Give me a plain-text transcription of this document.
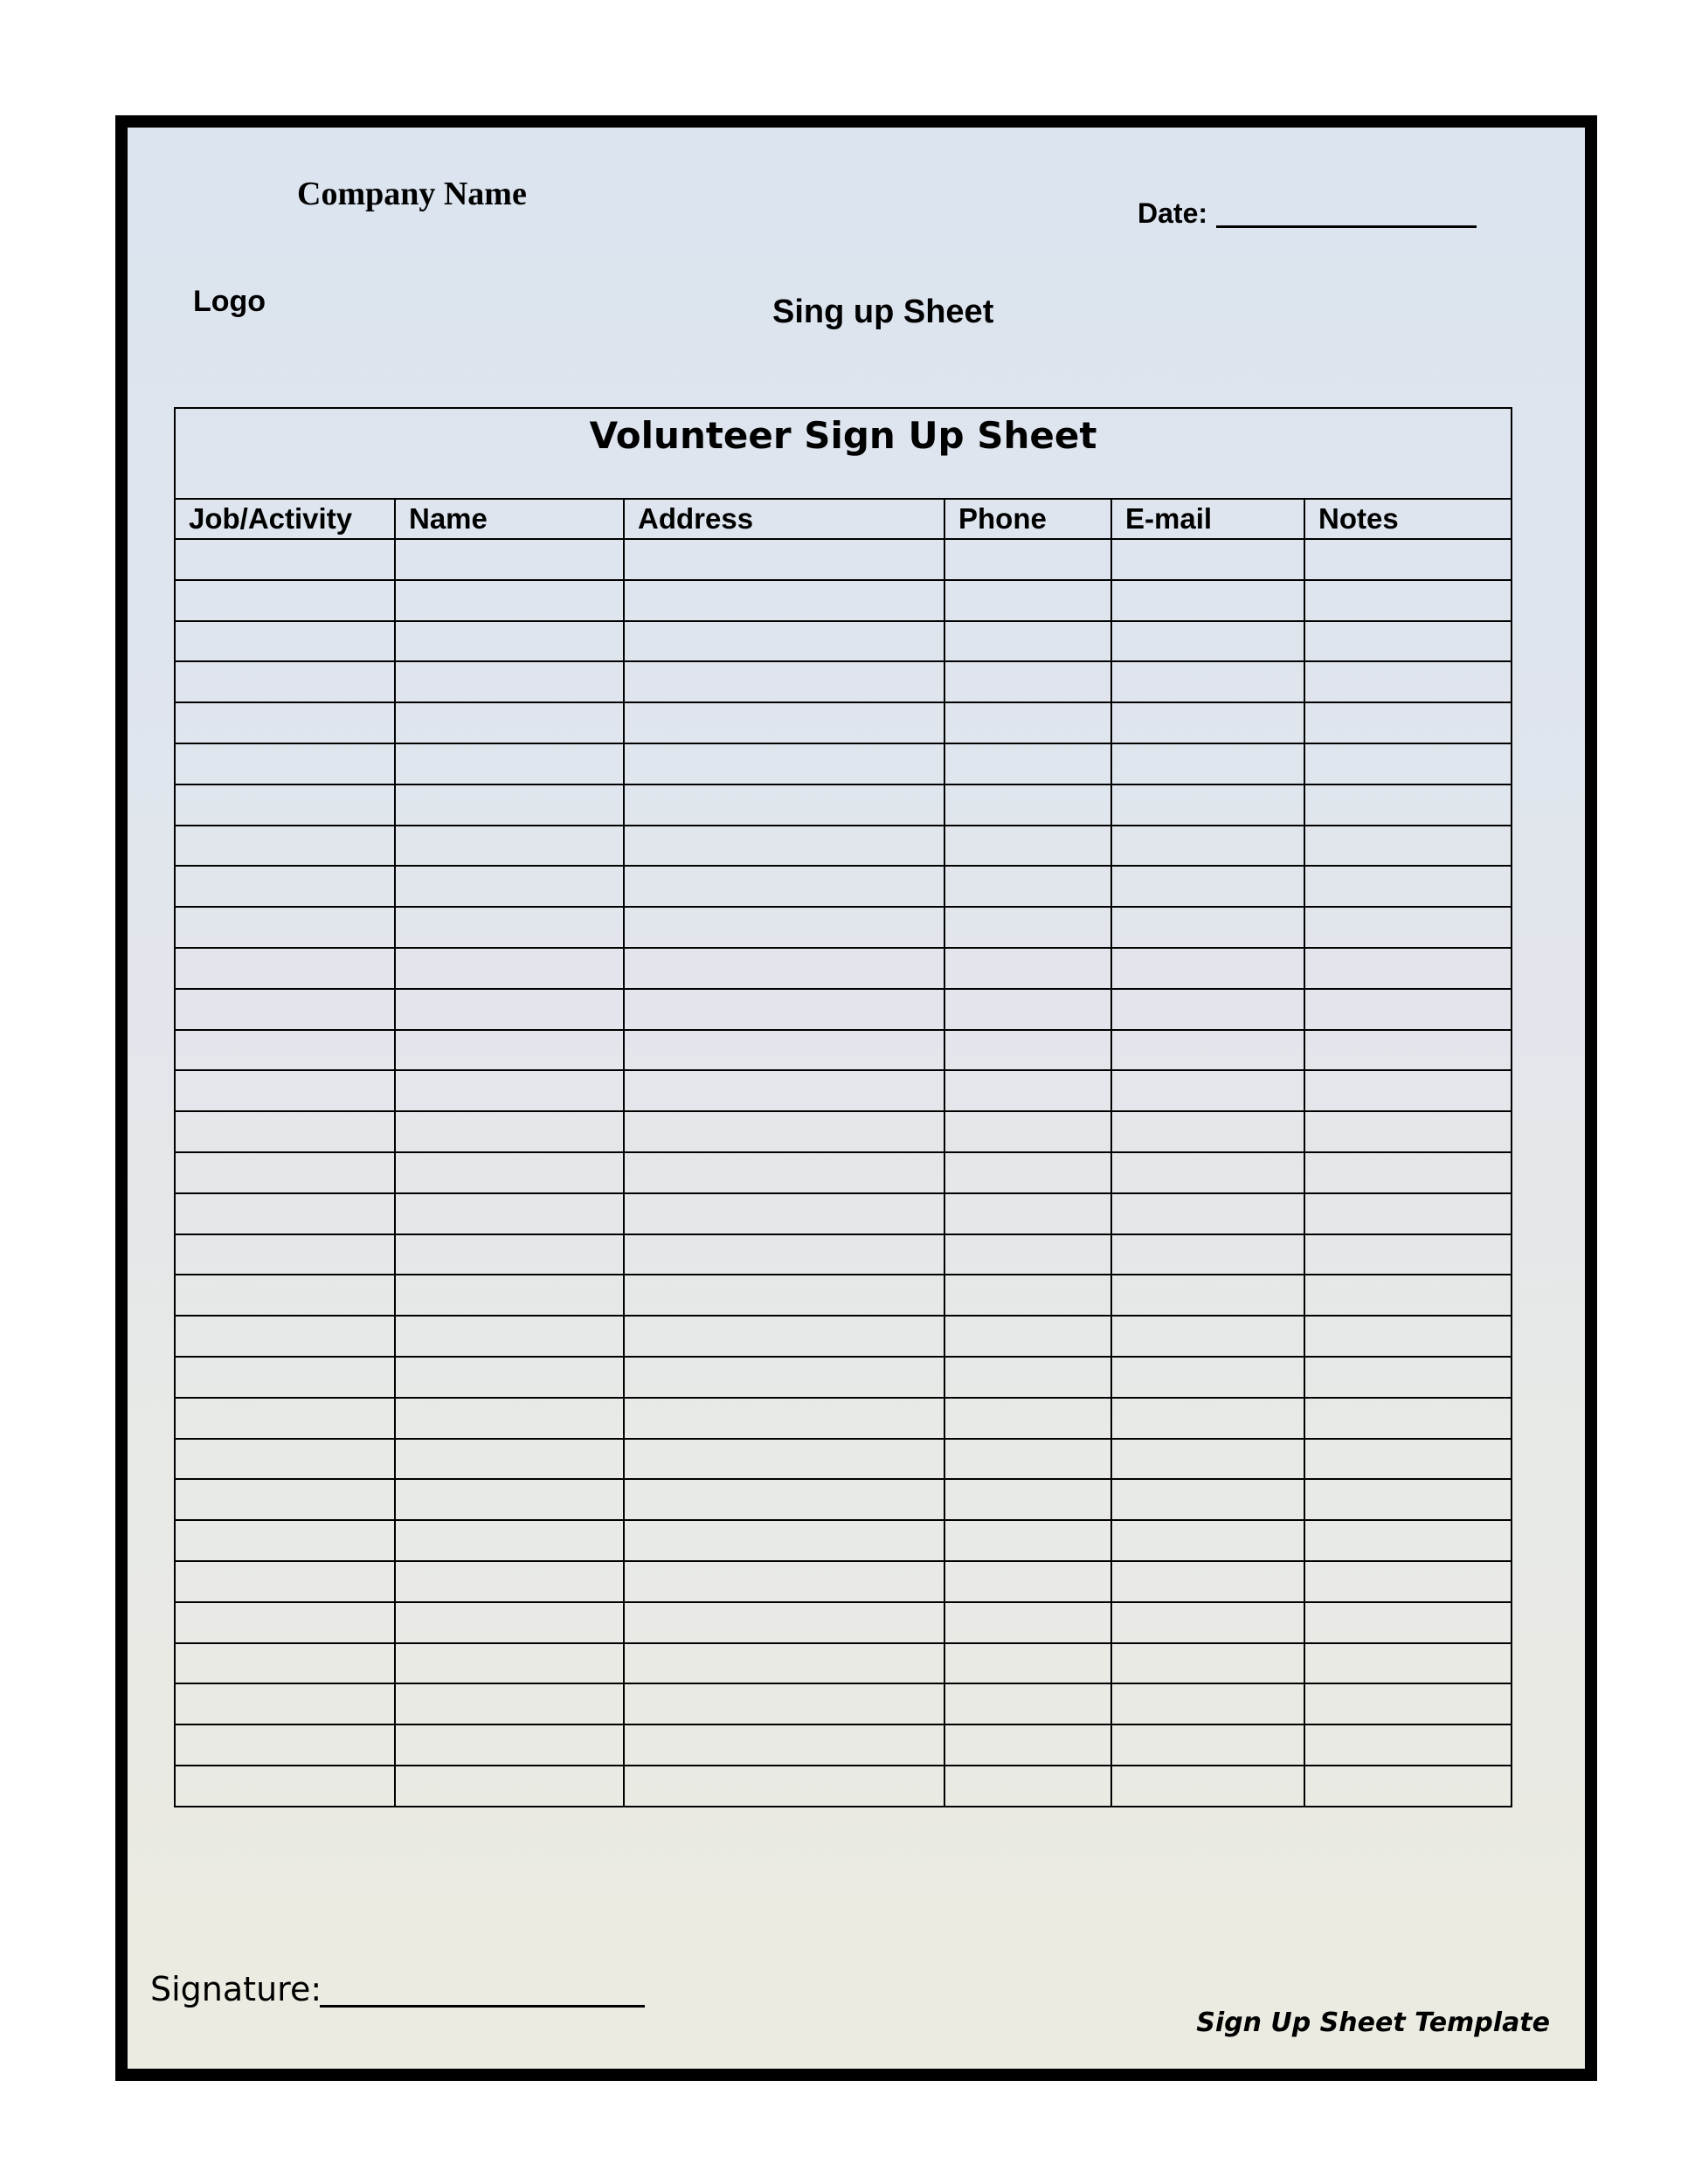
Company Name
Date:
Logo	Sing up Sheet
Volunteer Sign Up Sheet					
Job/Activity	Name	Address	Phone	E-mail	Notes

Signature:
Sign Up Sheet Template
